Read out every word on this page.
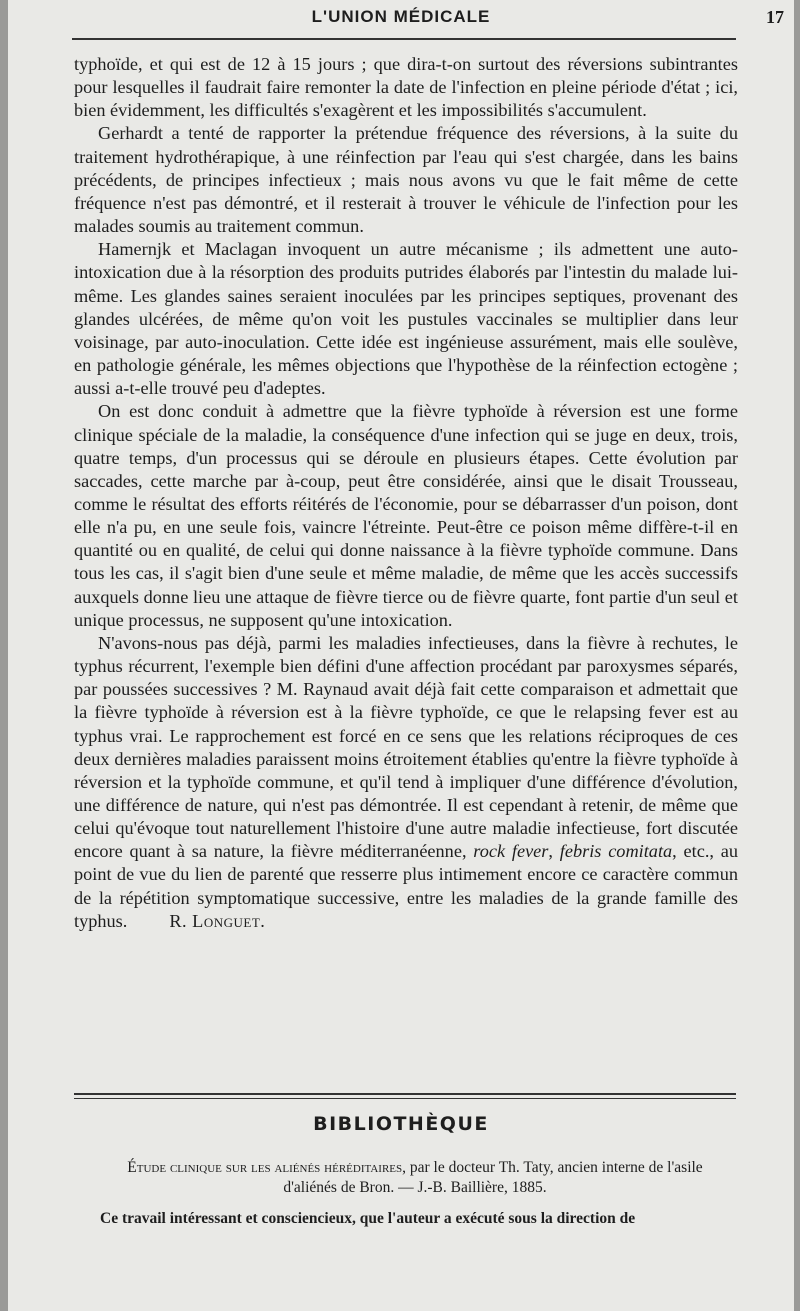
L'UNION MÉDICALE	17

typhoïde, et qui est de 12 à 15 jours ; que dira-t-on surtout des réversions subintrantes pour lesquelles il faudrait faire remonter la date de l'infection en pleine période d'état ; ici, bien évidemment, les difficultés s'exagèrent et les impossibilités s'accumulent.

Gerhardt a tenté de rapporter la prétendue fréquence des réversions, à la suite du traitement hydrothérapique, à une réinfection par l'eau qui s'est chargée, dans les bains précédents, de principes infectieux ; mais nous avons vu que le fait même de cette fréquence n'est pas démontré, et il resterait à trouver le véhicule de l'infection pour les malades soumis au traitement commun.

Hamernjk et Maclagan invoquent un autre mécanisme ; ils admettent une auto-intoxication due à la résorption des produits putrides élaborés par l'intestin du malade lui-même. Les glandes saines seraient inoculées par les principes septiques, provenant des glandes ulcérées, de même qu'on voit les pustules vaccinales se multiplier dans leur voisinage, par auto-inoculation. Cette idée est ingénieuse assurément, mais elle soulève, en pathologie générale, les mêmes objections que l'hypothèse de la réinfection ectogène ; aussi a-t-elle trouvé peu d'adeptes.

On est donc conduit à admettre que la fièvre typhoïde à réversion est une forme clinique spéciale de la maladie, la conséquence d'une infection qui se juge en deux, trois, quatre temps, d'un processus qui se déroule en plusieurs étapes. Cette évolution par saccades, cette marche par à-coup, peut être considérée, ainsi que le disait Trousseau, comme le résultat des efforts réitérés de l'économie, pour se débarrasser d'un poison, dont elle n'a pu, en une seule fois, vaincre l'étreinte. Peut-être ce poison même diffère-t-il en quantité ou en qualité, de celui qui donne naissance à la fièvre typhoïde commune. Dans tous les cas, il s'agit bien d'une seule et même maladie, de même que les accès successifs auxquels donne lieu une attaque de fièvre tierce ou de fièvre quarte, font partie d'un seul et unique processus, ne supposent qu'une intoxication.

N'avons-nous pas déjà, parmi les maladies infectieuses, dans la fièvre à rechutes, le typhus récurrent, l'exemple bien défini d'une affection procédant par paroxysmes séparés, par poussées successives ? M. Raynaud avait déjà fait cette comparaison et admettait que la fièvre typhoïde à réversion est à la fièvre typhoïde, ce que le relapsing fever est au typhus vrai. Le rapprochement est forcé en ce sens que les relations réciproques de ces deux dernières maladies paraissent moins étroitement établies qu'entre la fièvre typhoïde à réversion et la typhoïde commune, et qu'il tend à impliquer d'une différence d'évolution, une différence de nature, qui n'est pas démontrée. Il est cependant à retenir, de même que celui qu'évoque tout naturellement l'histoire d'une autre maladie infectieuse, fort discutée encore quant à sa nature, la fièvre méditerranéenne, rock fever, febris comitata, etc., au point de vue du lien de parenté que resserre plus intimement encore ce caractère commun de la répétition symptomatique successive, entre les maladies de la grande famille des typhus. R. Longuet.

BIBLIOTHÈQUE
Étude clinique sur les aliénés héréditaires, par le docteur Th. Taty, ancien interne de l'asile d'aliénés de Bron. — J.-B. Baillière, 1885.
Ce travail intéressant et consciencieux, que l'auteur a exécuté sous la direction de
